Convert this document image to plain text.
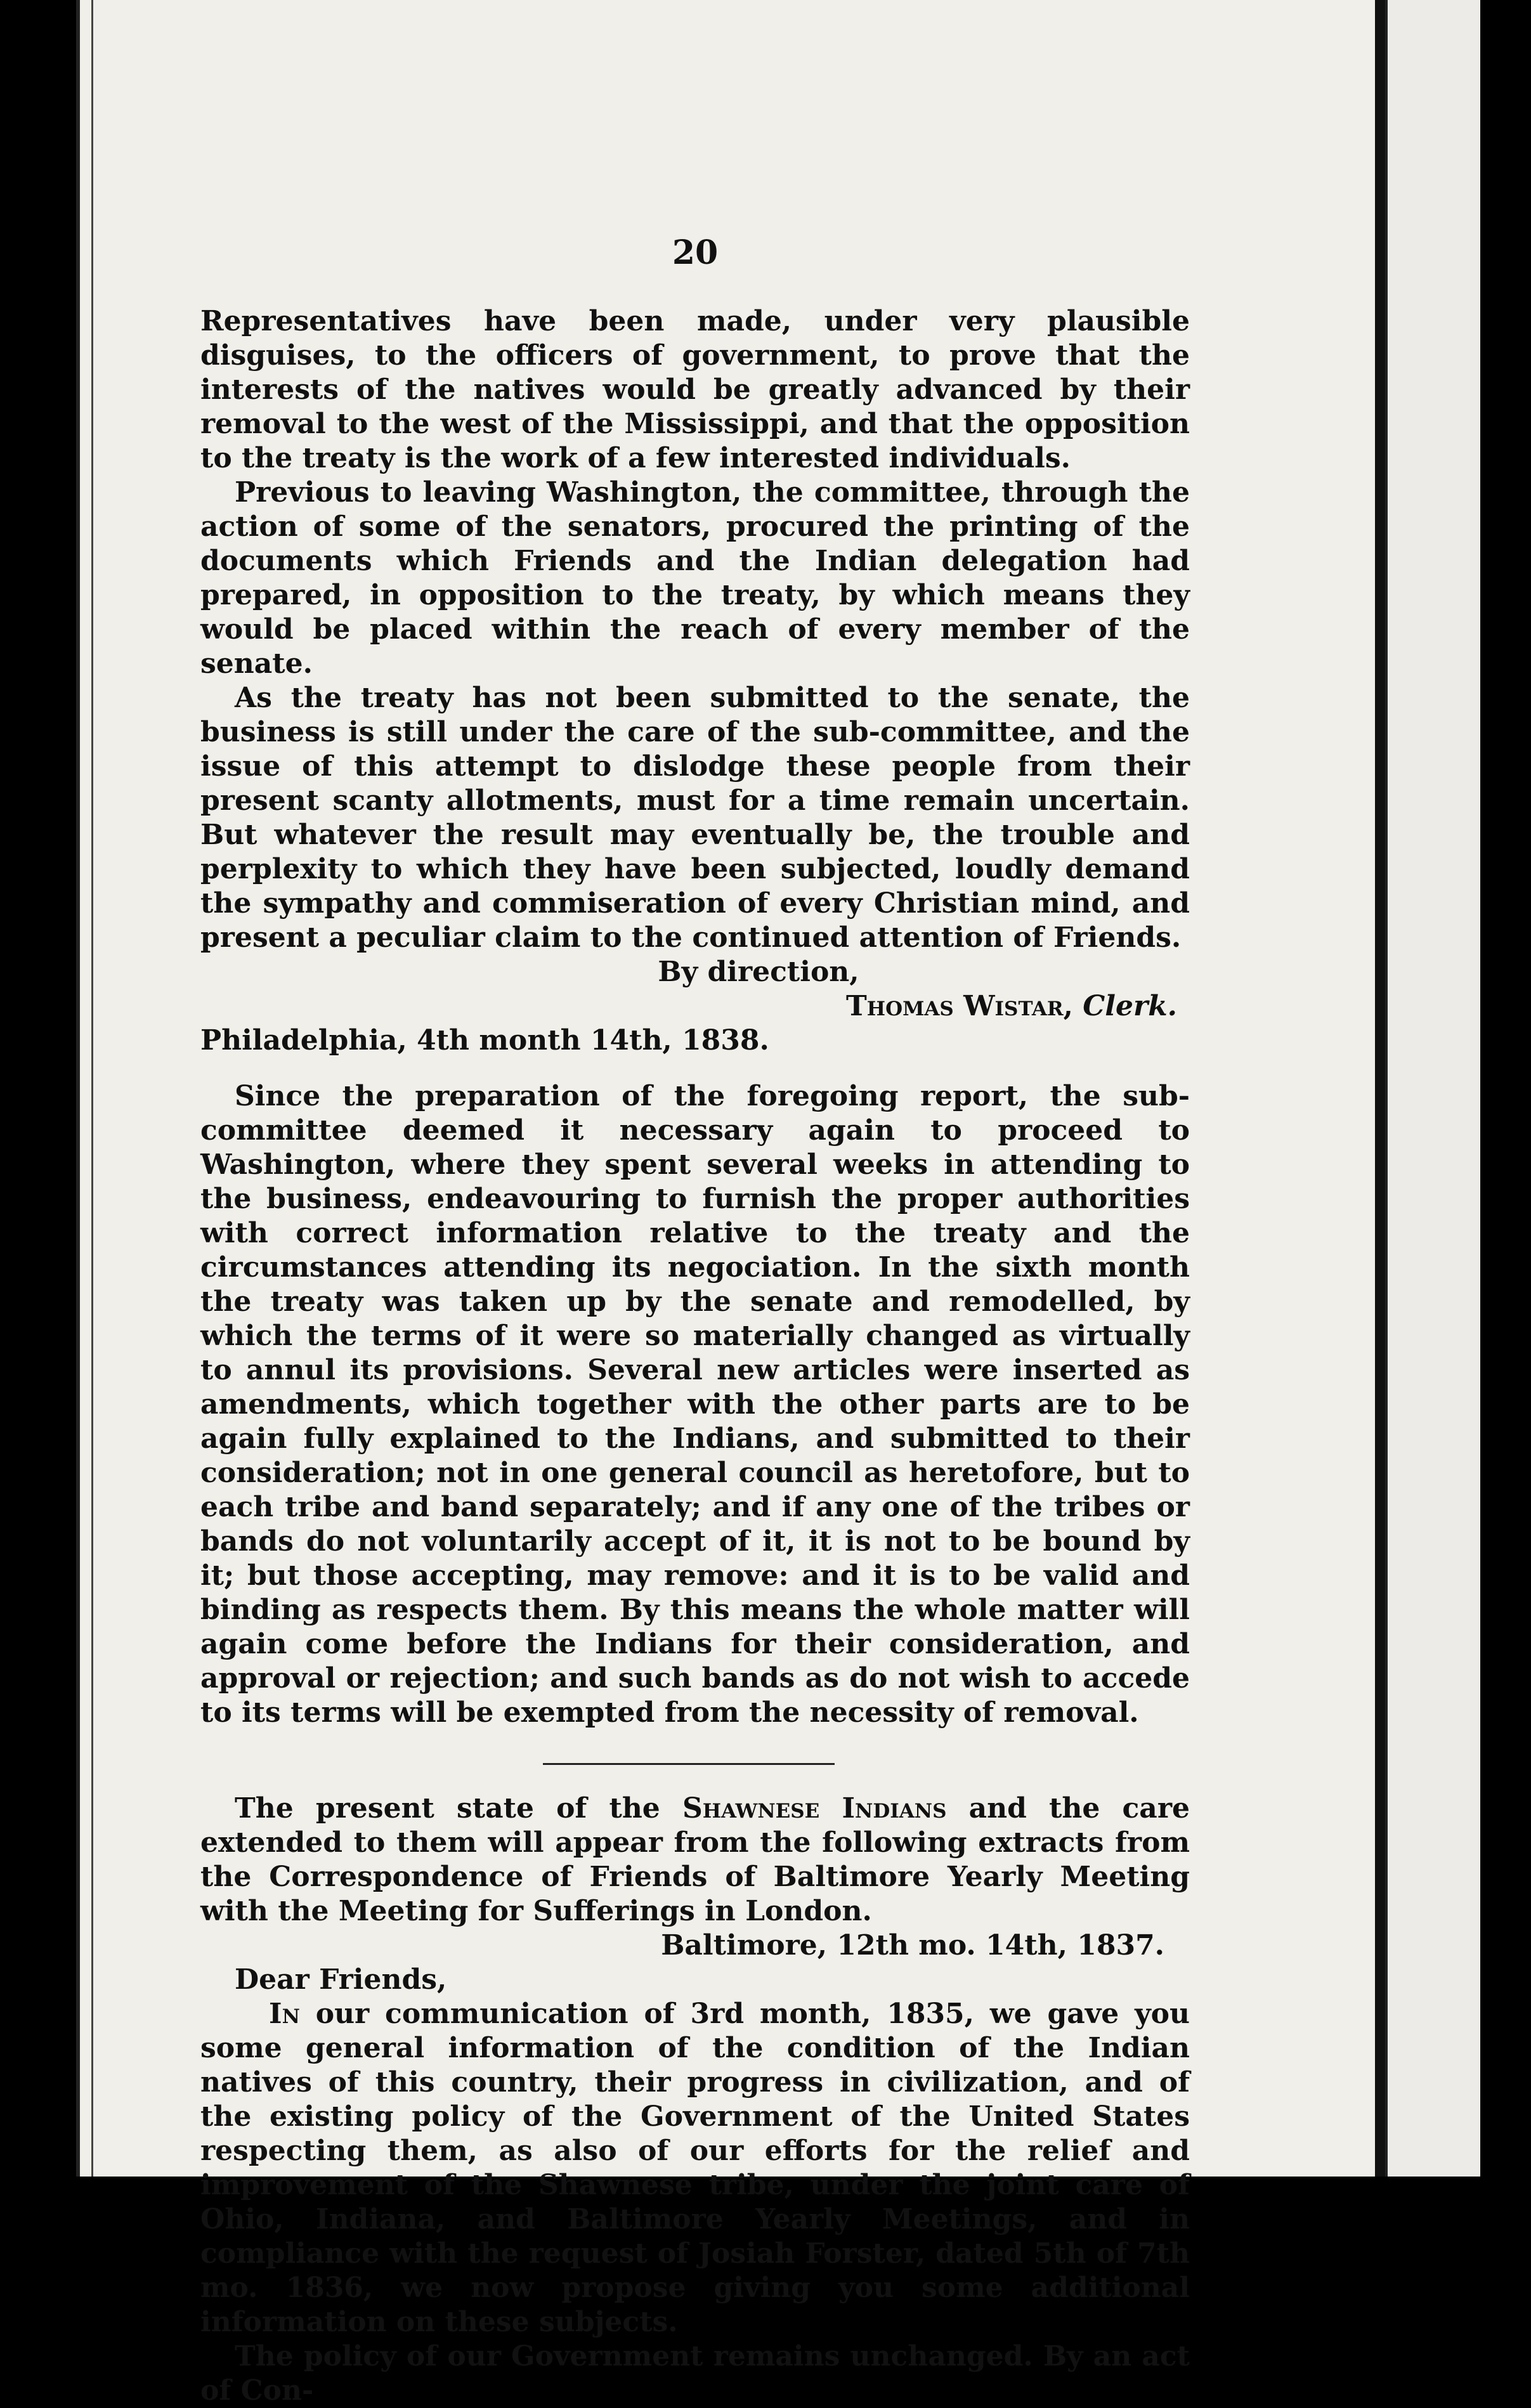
20

Representatives have been made, under very plausible disguises, to the officers of government, to prove that the interests of the natives would be greatly advanced by their removal to the west of the Mississippi, and that the opposition to the treaty is the work of a few interested individuals.

Previous to leaving Washington, the committee, through the action of some of the senators, procured the printing of the documents which Friends and the Indian delegation had prepared, in opposition to the treaty, by which means they would be placed within the reach of every member of the senate.

As the treaty has not been submitted to the senate, the business is still under the care of the sub-committee, and the issue of this attempt to dislodge these people from their present scanty allotments, must for a time remain uncertain. But whatever the result may eventually be, the trouble and perplexity to which they have been subjected, loudly demand the sympathy and commiseration of every Christian mind, and present a peculiar claim to the continued attention of Friends.

By direction,
Thomas Wistar, Clerk.

Philadelphia, 4th month 14th, 1838.

Since the preparation of the foregoing report, the sub-committee deemed it necessary again to proceed to Washington, where they spent several weeks in attending to the business, endeavouring to furnish the proper authorities with correct information relative to the treaty and the circumstances attending its negociation. In the sixth month the treaty was taken up by the senate and remodelled, by which the terms of it were so materially changed as virtually to annul its provisions. Several new articles were inserted as amendments, which together with the other parts are to be again fully explained to the Indians, and submitted to their consideration; not in one general council as heretofore, but to each tribe and band separately; and if any one of the tribes or bands do not voluntarily accept of it, it is not to be bound by it; but those accepting, may remove: and it is to be valid and binding as respects them. By this means the whole matter will again come before the Indians for their consideration, and approval or rejection; and such bands as do not wish to accede to its terms will be exempted from the necessity of removal.

The present state of the Shawnese Indians and the care extended to them will appear from the following extracts from the Correspondence of Friends of Baltimore Yearly Meeting with the Meeting for Sufferings in London.

Baltimore, 12th mo. 14th, 1837.

Dear Friends,

In our communication of 3rd month, 1835, we gave you some general information of the condition of the Indian natives of this country, their progress in civilization, and of the existing policy of the Government of the United States respecting them, as also of our efforts for the relief and improvement of the Shawnese tribe, under the joint care of Ohio, Indiana, and Baltimore Yearly Meetings, and in compliance with the request of Josiah Forster, dated 5th of 7th mo. 1836, we now propose giving you some additional information on these subjects.

The policy of our Government remains unchanged. By an act of Con-
